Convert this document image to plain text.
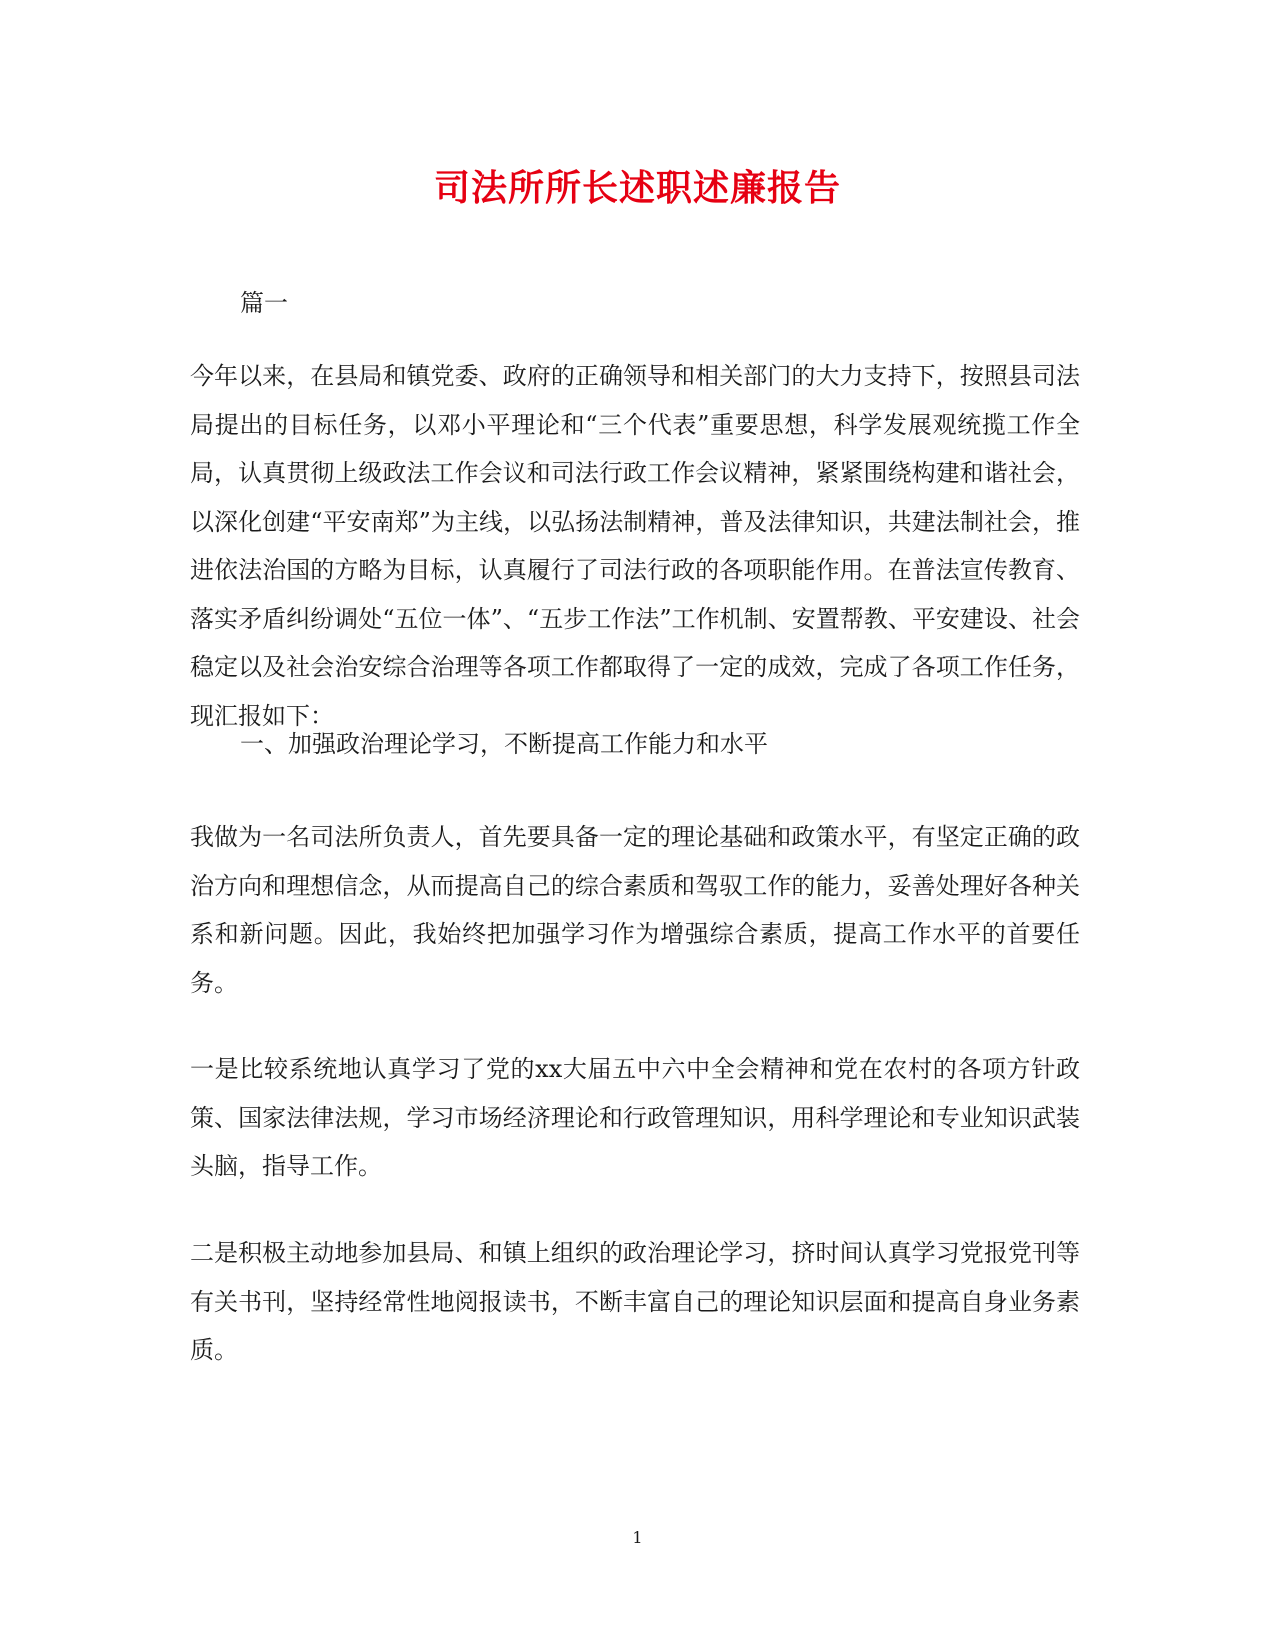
司法所所长述职述廉报告
篇一

今年以来，在县局和镇党委、政府的正确领导和相关部门的大力支持下，按照县司法局提出的目标任务，以邓小平理论和“三个代表”重要思想，科学发展观统揽工作全局，认真贯彻上级政法工作会议和司法行政工作会议精神，紧紧围绕构建和谐社会，以深化创建“平安南郑”为主线，以弘扬法制精神，普及法律知识，共建法制社会，推进依法治国的方略为目标，认真履行了司法行政的各项职能作用。在普法宣传教育、落实矛盾纠纷调处“五位一体”、“五步工作法”工作机制、安置帮教、平安建设、社会稳定以及社会治安综合治理等各项工作都取得了一定的成效，完成了各项工作任务，现汇报如下：

一、加强政治理论学习，不断提高工作能力和水平

我做为一名司法所负责人，首先要具备一定的理论基础和政策水平，有坚定正确的政治方向和理想信念，从而提高自己的综合素质和驾驭工作的能力，妥善处理好各种关系和新问题。因此，我始终把加强学习作为增强综合素质，提高工作水平的首要任务。

一是比较系统地认真学习了党的xx大届五中六中全会精神和党在农村的各项方针政策、国家法律法规，学习市场经济理论和行政管理知识，用科学理论和专业知识武装头脑，指导工作。

二是积极主动地参加县局、和镇上组织的政治理论学习，挤时间认真学习党报党刊等有关书刊，坚持经常性地阅报读书，不断丰富自己的理论知识层面和提高自身业务素质。

1
